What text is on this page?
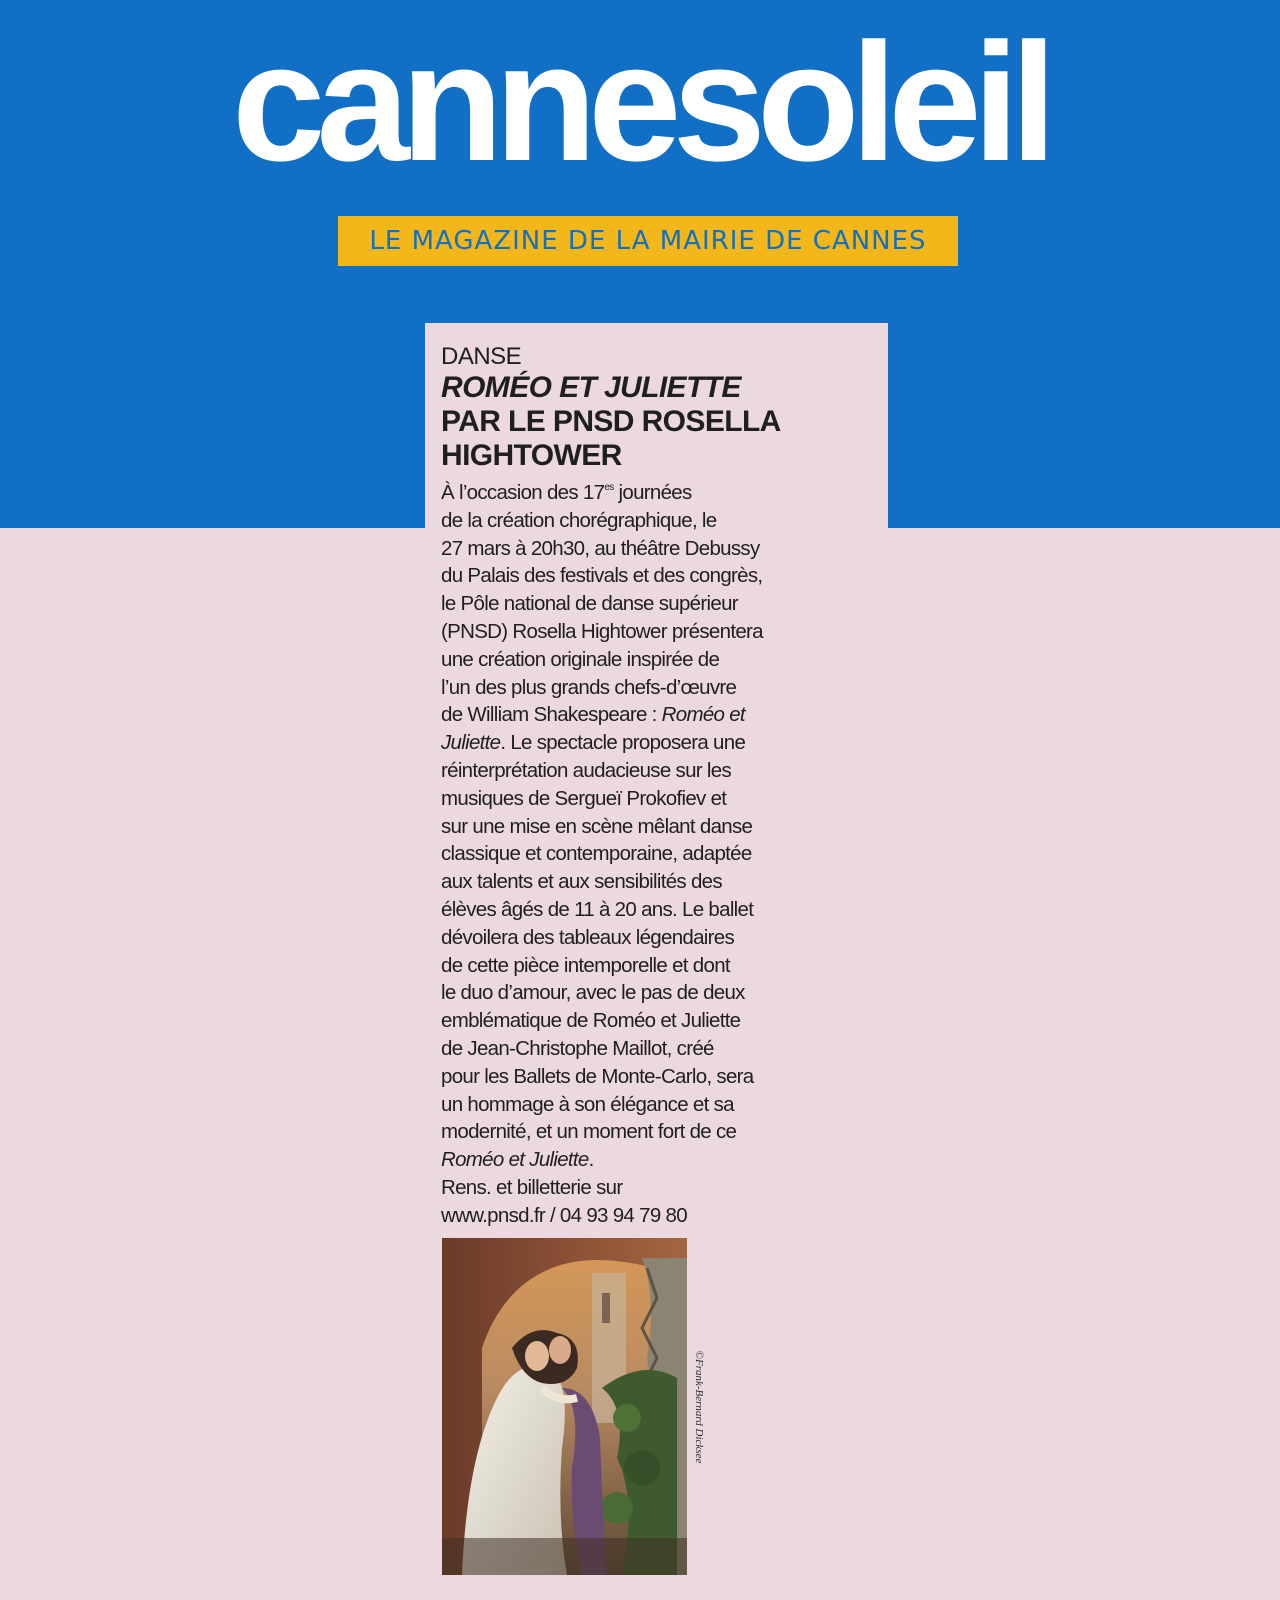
cannesoleil
LE MAGAZINE DE LA MAIRIE DE CANNES
DANSE
ROMÉO ET JULIETTE
PAR LE PNSD ROSELLA
HIGHTOWER
À l’occasion des $17^{es}$ journées
de la création chorégraphique, le
27 mars à 20h30, au théâtre Debussy
du Palais des festivals et des congrès,
le Pôle national de danse supérieur
(PNSD) Rosella Hightower présentera
une création originale inspirée de
l’un des plus grands chefs-d’œuvre
de William Shakespeare : Roméo et
Juliette. Le spectacle proposera une
réinterprétation audacieuse sur les
musiques de Sergueï Prokofiev et
sur une mise en scène mêlant danse
classique et contemporaine, adaptée
aux talents et aux sensibilités des
élèves âgés de 11 à 20 ans. Le ballet
dévoilera des tableaux légendaires
de cette pièce intemporelle et dont
le duo d’amour, avec le pas de deux
emblématique de Roméo et Juliette
de Jean-Christophe Maillot, créé
pour les Ballets de Monte-Carlo, sera
un hommage à son élégance et sa
modernité, et un moment fort de ce
Roméo et Juliette.
Rens. et billetterie sur
www.pnsd.fr / 04 93 94 79 80
©Frank-Bernard Dicksee
